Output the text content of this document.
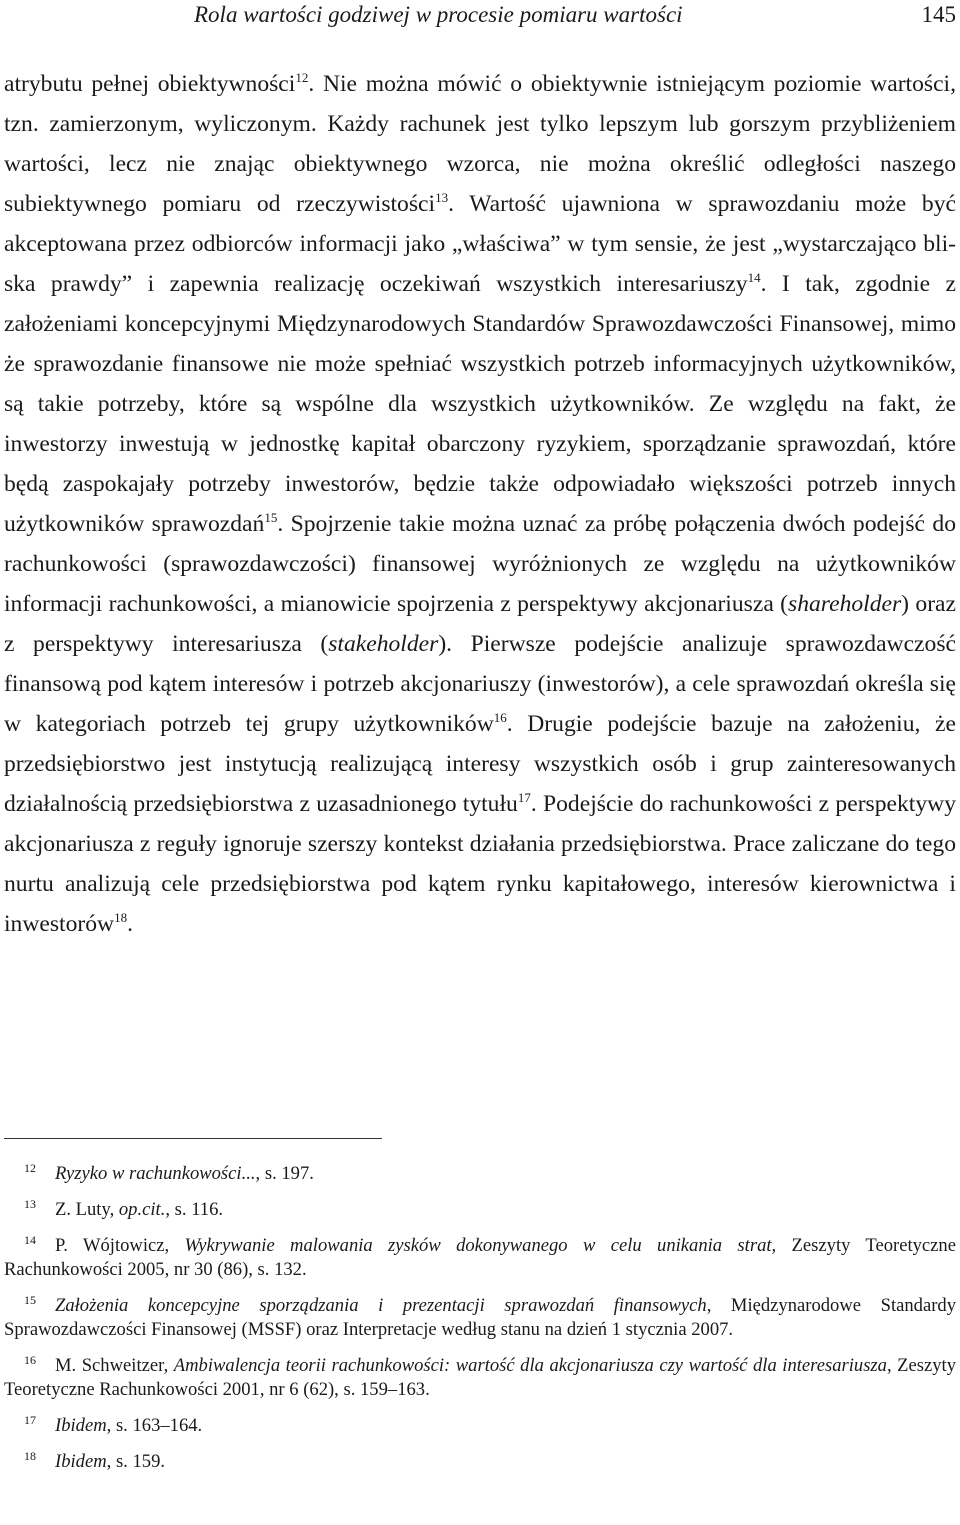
Rola wartości godziwej w procesie pomiaru wartości	145

atrybutu pełnej obiektywności$^{12}$. Nie można mówić o obiektywnie istniejącym poziomie wartości, tzn. zamierzonym, wyliczonym. Każdy rachunek jest tylko lepszym lub gorszym przybliżeniem wartości, lecz nie znając obiektywnego wzorca, nie można określić odległości naszego subiektywnego pomiaru od rzeczywistości$^{13}$. Wartość ujawniona w sprawozdaniu może być akceptowana przez odbiorców informacji jako „właściwa” w tym sensie, że jest „wystarczająco bliska prawdy” i zapewnia realizację oczekiwań wszystkich interesariuszy$^{14}$. I tak, zgodnie z założeniami koncepcyjnymi Międzynarodowych Standardów Sprawozdawczości Finansowej, mimo że sprawozdanie finansowe nie może spełniać wszystkich potrzeb informacyjnych użytkowników, są takie potrzeby, które są wspólne dla wszystkich użytkowników. Ze względu na fakt, że inwestorzy inwestują w jednostkę kapitał obarczony ryzykiem, sporządzanie sprawozdań, które będą zaspokajały potrzeby inwestorów, będzie także odpowiadało większości potrzeb innych użytkowników sprawozdań$^{15}$. Spojrzenie takie można uznać za próbę połączenia dwóch podejść do rachunkowości (sprawozdawczości) finansowej wyróżnionych ze względu na użytkowników informacji rachunkowości, a mianowicie spojrzenia z perspektywy akcjonariusza (shareholder) oraz z perspektywy interesariusza (stakeholder). Pierwsze podejście analizuje sprawozdawczość finansową pod kątem interesów i potrzeb akcjonariuszy (inwestorów), a cele sprawozdań określa się w kategoriach potrzeb tej grupy użytkowników$^{16}$. Drugie podejście bazuje na założeniu, że przedsiębiorstwo jest instytucją realizującą interesy wszystkich osób i grup zainteresowanych działalnością przedsiębiorstwa z uzasadnionego tytułu$^{17}$. Podejście do rachunkowości z perspektywy akcjonariusza z reguły ignoruje szerszy kontekst działania przedsiębiorstwa. Prace zaliczane do tego nurtu analizują cele przedsiębiorstwa pod kątem rynku kapitałowego, interesów kierownictwa i inwestorów$^{18}$.

$^{12}$ Ryzyko w rachunkowości..., s. 197.

$^{13}$ Z. Luty, op.cit., s. 116.

$^{14}$ P. Wójtowicz, Wykrywanie malowania zysków dokonywanego w celu unikania strat, Zeszyty Teoretyczne Rachunkowości 2005, nr 30 (86), s. 132.

$^{15}$ Założenia koncepcyjne sporządzania i prezentacji sprawozdań finansowych, Międzynarodowe Standardy Sprawozdawczości Finansowej (MSSF) oraz Interpretacje według stanu na dzień 1 stycznia 2007.

$^{16}$ M. Schweitzer, Ambiwalencja teorii rachunkowości: wartość dla akcjonariusza czy wartość dla interesariusza, Zeszyty Teoretyczne Rachunkowości 2001, nr 6 (62), s. 159–163.

$^{17}$ Ibidem, s. 163–164.

$^{18}$ Ibidem, s. 159.
